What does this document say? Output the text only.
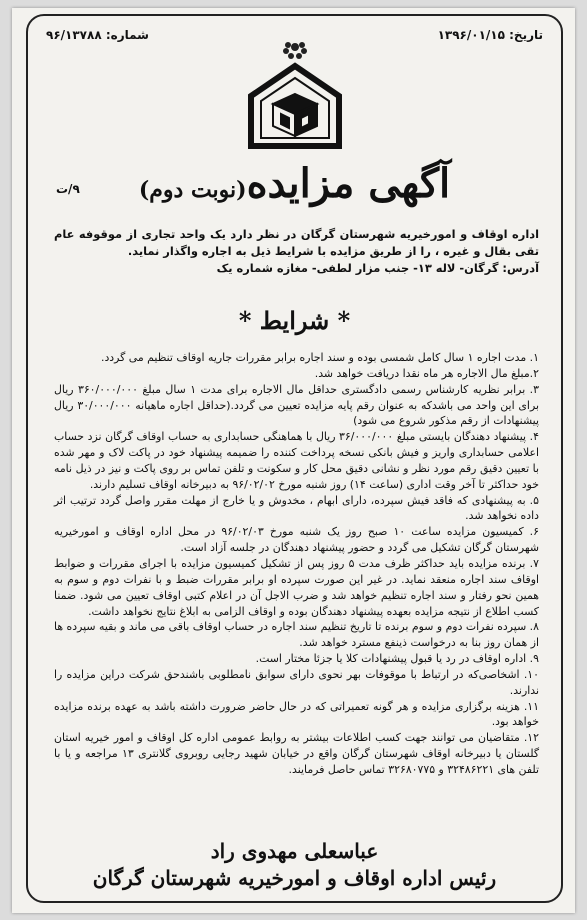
تاریخ: ۱۳۹۶/۰۱/۱۵
شماره: ۹۶/۱۳۷۸۸
آگهی مزایده(نوبت دوم)
۹/ت
اداره اوقاف و امورخیریه شهرستان گرگان در نظر دارد یک واحد تجاری از موقوفه عام تقی بقال و غیره ، را از طریق مزایده با شرایط ذیل به اجاره واگذار نماید.
آدرس: گرگان- لاله ۱۳- جنب مزار لطفی- مغازه شماره یک
* شرایط *
۱. مدت اجاره ۱ سال کامل شمسی بوده و سند اجاره برابر مقررات جاریه اوقاف تنظیم می گردد.
۲.مبلغ مال الاجاره هر ماه نقدا دریافت خواهد شد.
۳. برابر نظریه کارشناس رسمی دادگستری حداقل مال الاجاره برای مدت ۱ سال مبلغ ۳۶۰/۰۰۰/۰۰۰ ریال برای این واحد می باشدکه به عنوان رقم پایه مزایده تعیین می گردد.(حداقل اجاره ماهیانه ۳۰/۰۰۰/۰۰۰ ریال پیشنهادات از رقم مذکور شروع می شود)
۴. پیشنهاد دهندگان بایستی مبلغ ۳۶/۰۰۰/۰۰۰ ریال با هماهنگی حسابداری به حساب اوقاف گرگان نزد حساب اعلامی حسابداری واریز و فیش بانکی نسخه پرداخت کننده را ضمیمه پیشنهاد خود در پاکت لاک و مهر شده با تعیین دقیق رقم مورد نظر و نشانی دقیق محل کار و سکونت و تلفن تماس بر روی پاکت و نیز در ذیل نامه خود حداکثر تا آخر وقت اداری (ساعت ۱۴) روز شنبه مورخ ۹۶/۰۲/۰۲ به دبیرخانه اوقاف تسلیم دارند.
۵. به پیشنهادی که فاقد فیش سپرده، دارای ابهام ، مخدوش و یا خارج از مهلت مقرر واصل گردد ترتیب اثر داده نخواهد شد.
۶. کمیسیون مزایده ساعت ۱۰ صبح روز یک شنبه مورخ ۹۶/۰۲/۰۳ در محل اداره اوقاف و امورخیریه شهرستان گرگان تشکیل می گردد و حضور پیشنهاد دهندگان در جلسه آزاد است.
۷. برنده مزایده باید حداکثر ظرف مدت ۵ روز پس از تشکیل کمیسیون مزایده با اجرای مقررات و ضوابط اوقاف سند اجاره منعقد نماید. در غیر این صورت سپرده او برابر مقررات ضبط و با نفرات دوم و سوم به همین نحو رفتار و سند اجاره تنظیم خواهد شد و ضرب الاجل آن در اعلام کتبی اوقاف تعیین می شود. ضمنا کسب اطلاع از نتیجه مزایده بعهده پیشنهاد دهندگان بوده و اوقاف الزامی به ابلاغ نتایج نخواهد داشت.
۸. سپرده نفرات دوم و سوم برنده تا تاریخ تنظیم سند اجاره در حساب اوقاف باقی می ماند و بقیه سپرده ها از همان روز بنا به درخواست ذینفع مسترد خواهد شد.
۹. اداره اوقاف در رد یا قبول پیشنهادات کلا یا جزئا مختار است.
۱۰. اشخاصی‌که در ارتباط با موقوفات بهر نحوی دارای سوابق نامطلوبی باشندحق شرکت دراین مزایده را ندارند.
۱۱. هزینه برگزاری مزایده و هر گونه تعمیراتی که در حال حاضر ضرورت داشته باشد به عهده برنده مزایده خواهد بود.
۱۲. متقاضیان می توانند جهت کسب اطلاعات بیشتر به روابط عمومی اداره کل اوقاف و امور خیریه استان گلستان یا دبیرخانه اوقاف شهرستان گرگان واقع در خیابان شهید رجایی روبروی گلانتری ۱۳ مراجعه و یا با تلفن های ۳۲۴۸۶۲۲۱ و ۳۲۶۸۰۷۷۵ تماس حاصل فرمایند.
عباسعلی مهدوی راد
رئیس اداره اوقاف و امورخیریه شهرستان گرگان
